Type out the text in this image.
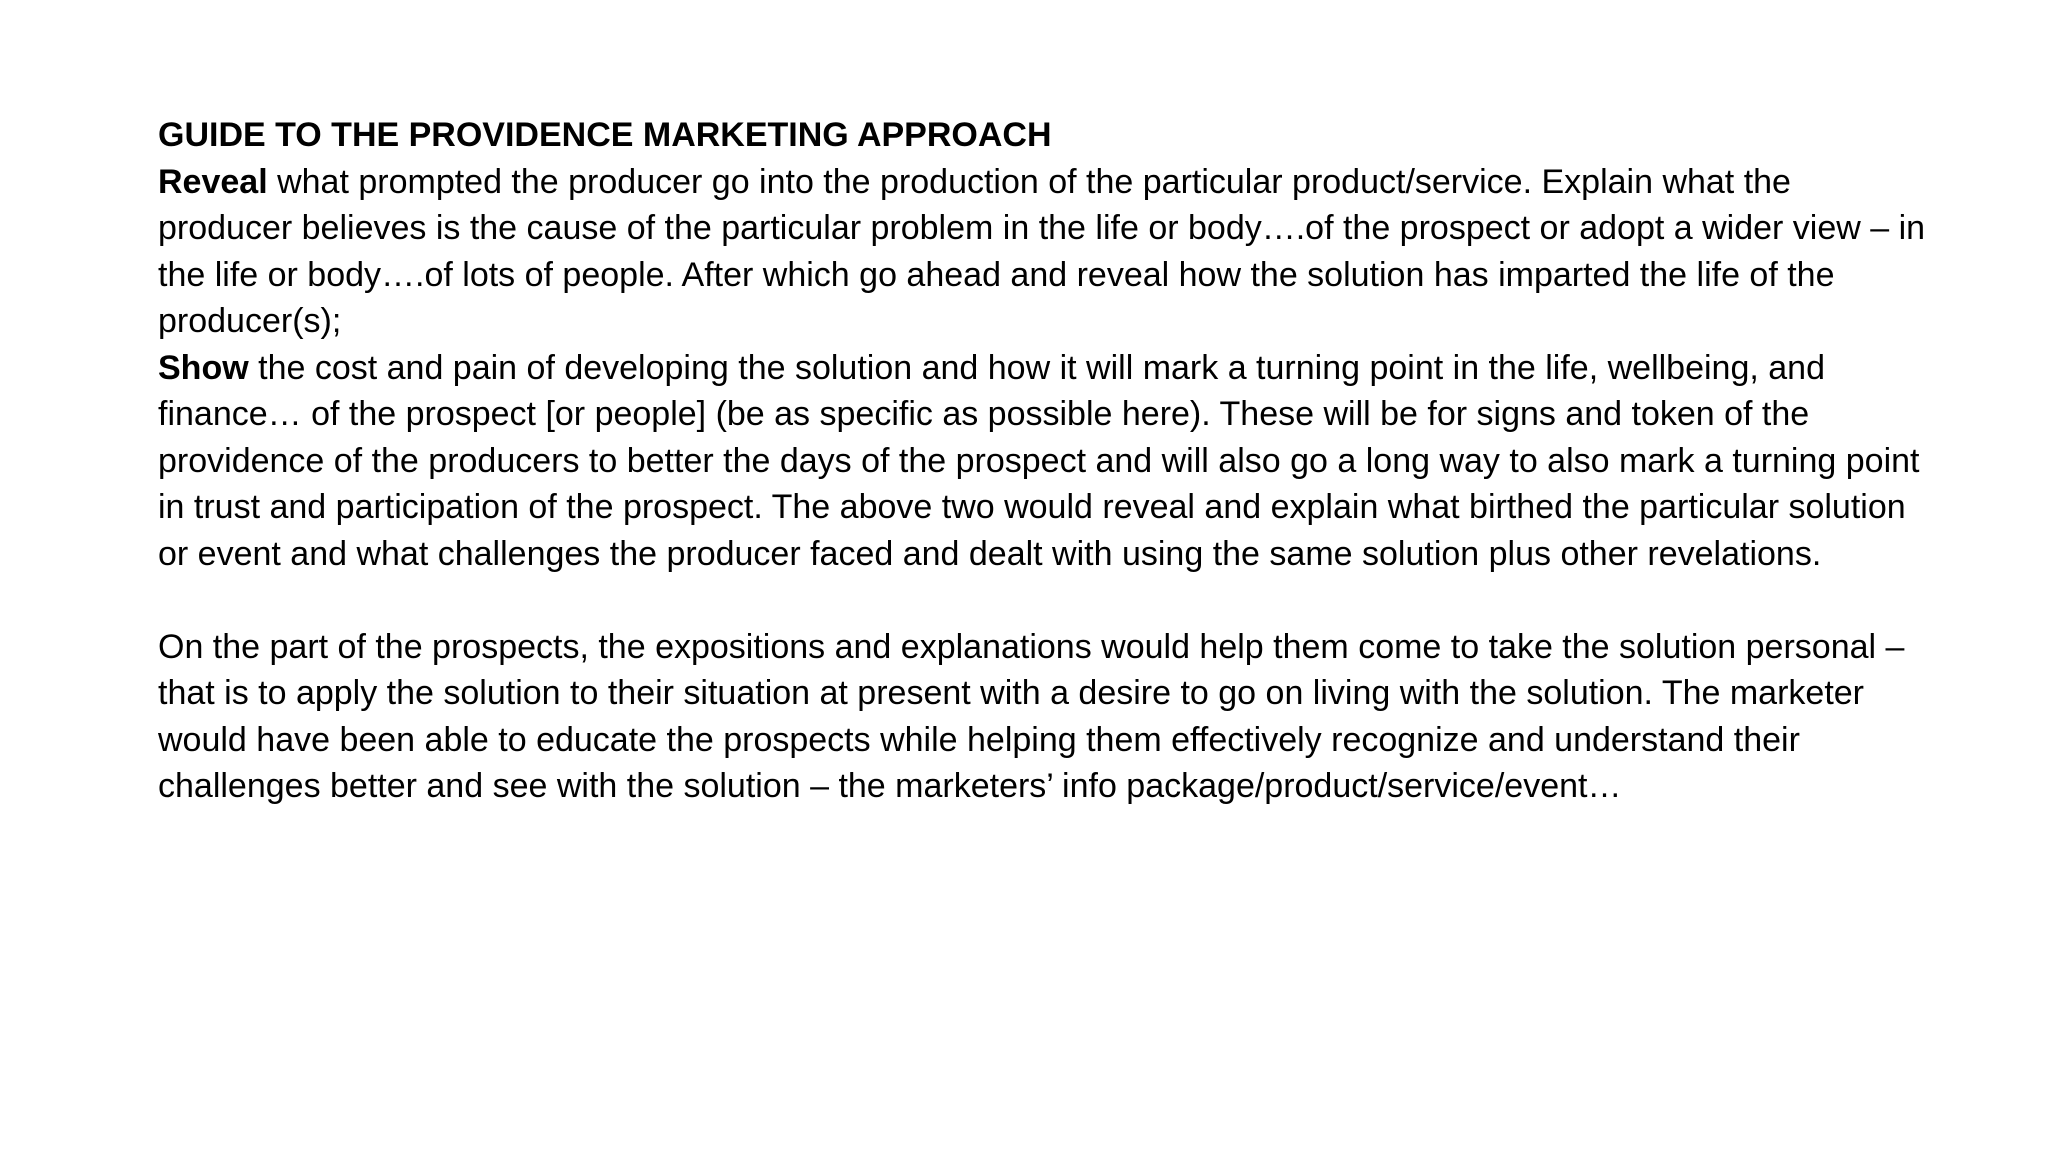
GUIDE TO THE PROVIDENCE MARKETING APPROACH

Reveal what prompted the producer go into the production of the particular product/service. Explain what the producer believes is the cause of the particular problem in the life or body….of the prospect or adopt a wider view – in the life or body….of lots of people. After which go ahead and reveal how the solution has imparted the life of the producer(s);

Show the cost and pain of developing the solution and how it will mark a turning point in the life, wellbeing, and finance… of the prospect [or people] (be as specific as possible here). These will be for signs and token of the providence of the producers to better the days of the prospect and will also go a long way to also mark a turning point in trust and participation of the prospect. The above two would reveal and explain what birthed the particular solution or event and what challenges the producer faced and dealt with using the same solution plus other revelations.

On the part of the prospects, the expositions and explanations would help them come to take the solution personal – that is to apply the solution to their situation at present with a desire to go on living with the solution. The marketer would have been able to educate the prospects while helping them effectively recognize and understand their challenges better and see with the solution – the marketers’ info package/product/service/event…
